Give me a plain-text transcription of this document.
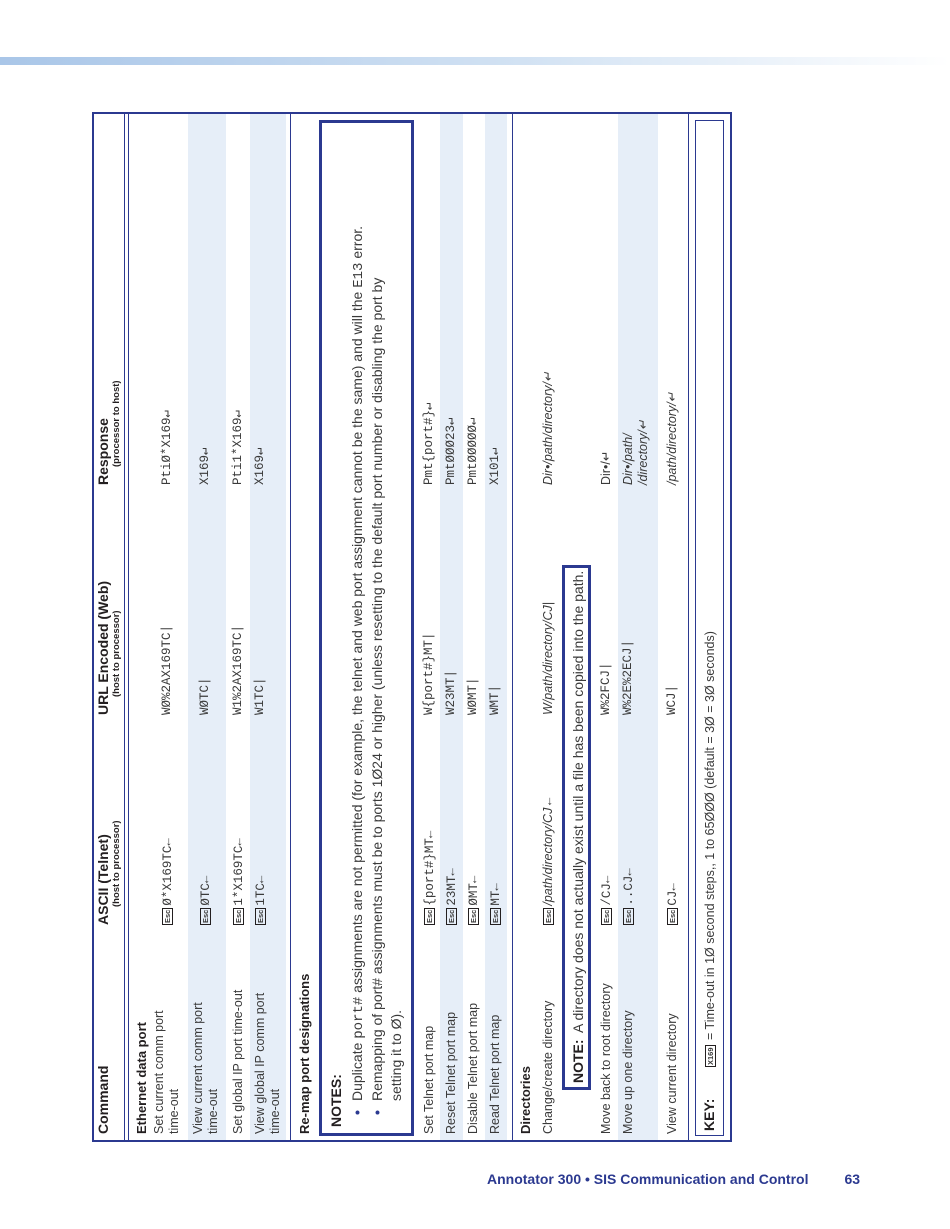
Command
ASCII (Telnet) (host to processor)
URL Encoded (Web) (host to processor)
Response (processor to host)
Ethernet data port Set current comm port time-out
EscØ*X169TC←
WØ%2AX169TC|
PtiØ*X169↵
View current comm port time-out
EscØTC←
WØTC|
X169↵
Set global IP port time-out
Esc1*X169TC←
W1%2AX169TC|
Pti1*X169↵
View global IP comm port time-out
Esc1TC←
W1TC|
X169↵
Re-map port designations NOTES: •
Duplicate port# assignments are not permitted (for example, the telnet and web port assignment cannot be the same) and will the E13 error.
•
Remapping of port# assignments must be to ports 1Ø24 or higher (unless resetting to the default port number or disabling the port by setting it to Ø). Set Telnet port map
Esc{port#}MT←
W{port#}MT|
Pmt{port#}↵
Reset Telnet port map
Esc23MT←
W23MT|
PmtØØØ23↵
Disable Telnet port map
EscØMT←
WØMT|
PmtØØØØØ↵
Read Telnet port map
EscMT←
WMT|
X101↵
Directories Change/create directory
Esc/path/directory/CJ←
W/path/directory/CJ|
Dir•/path/directory/↵
NOTE:
A directory does not actually exist until a file has been copied into the path.
Move back to root directory
Esc/CJ←
W%2FCJ|
Dir•/↵
Move up one directory
Esc..CJ←
W%2E%2ECJ|
Dir•/path/
/directory/↵
View current directory
EscCJ←
WCJ|
/path/directory/↵
KEY:
X169 = Time-out in 1Ø second steps,, 1 to 65ØØØ (default = 3Ø = 3Ø seconds)
Annotator 300 • SIS Communication and Control	63
